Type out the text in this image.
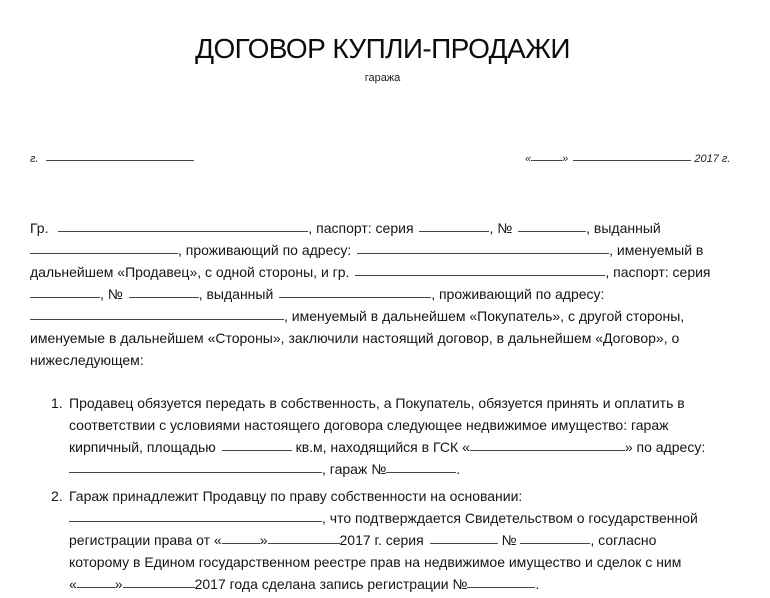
ДОГОВОР КУПЛИ-ПРОДАЖИ
гаража
г.	«	»	2017 г.
Гр.	, паспорт: серия	, №	, выданный
, проживающий по адресу:	, именуемый в
дальнейшем «Продавец», с одной стороны, и гр.	, паспорт: серия
, №	, выданный	, проживающий по адресу:
, именуемый в дальнейшем «Покупатель», с другой стороны,
именуемые в дальнейшем «Стороны», заключили настоящий договор, в дальнейшем «Договор», о
нижеследующем:
1. Продавец обязуется передать в собственность, а Покупатель, обязуется принять и оплатить в
соответствии с условиями настоящего договора следующее недвижимое имущество: гараж
кирпичный, площадью	кв.м, находящийся в ГСК «	» по адресу:
, гараж №	.
2. Гараж принадлежит Продавцу по праву собственности на основании:
, что подтверждается Свидетельством о государственной
регистрации права от «	»	2017 г. серия	№	, согласно
которому в Едином государственном реестре прав на недвижимое имущество и сделок с ним
«	»	2017 года сделана запись регистрации №	.
